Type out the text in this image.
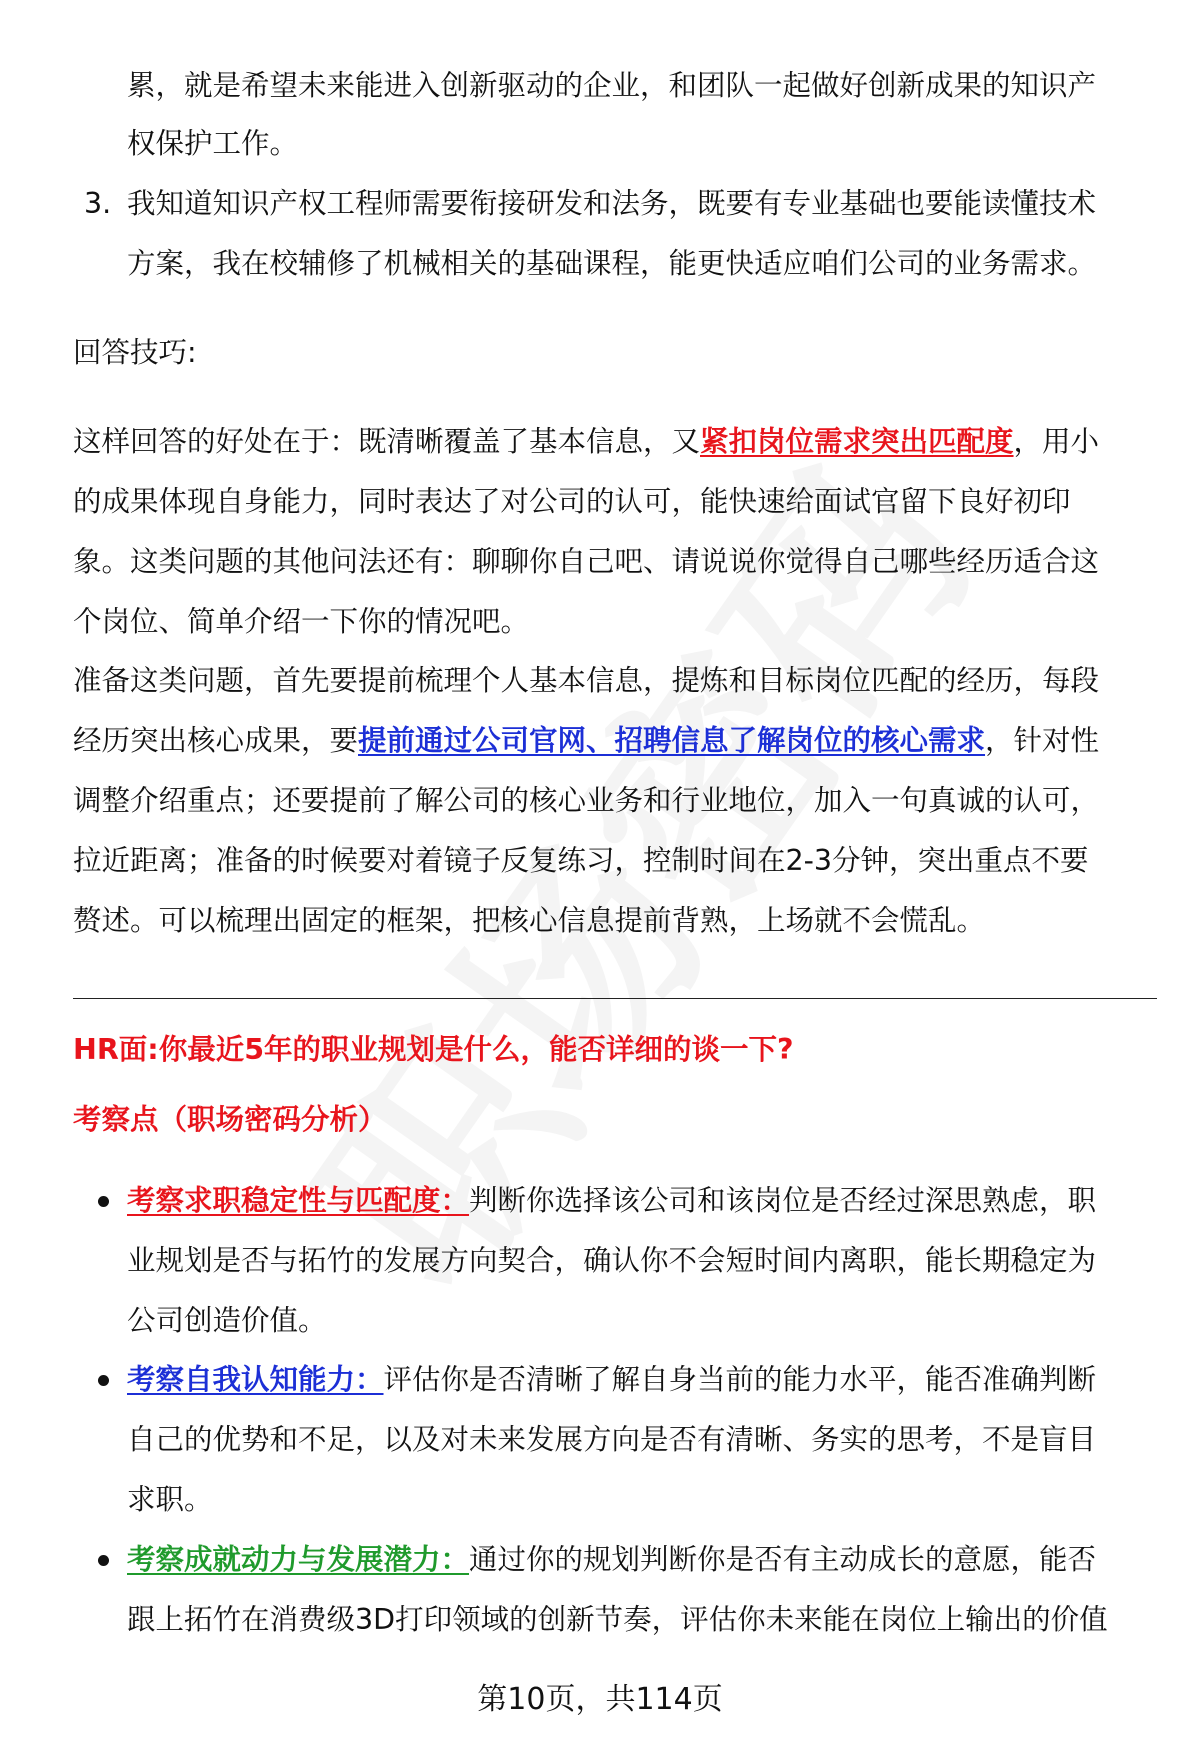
累，就是希望未来能进入创新驱动的企业，和团队一起做好创新成果的知识产
权保护工作。
3. 我知道知识产权工程师需要衔接研发和法务，既要有专业基础也要能读懂技术
方案，我在校辅修了机械相关的基础课程，能更快适应咱们公司的业务需求。
回答技巧:
这样回答的好处在于：既清晰覆盖了基本信息，又紧扣岗位需求突出匹配度，用小
的成果体现自身能力，同时表达了对公司的认可，能快速给面试官留下良好初印
象。这类问题的其他问法还有：聊聊你自己吧、请说说你觉得自己哪些经历适合这
个岗位、简单介绍一下你的情况吧。
准备这类问题，首先要提前梳理个人基本信息，提炼和目标岗位匹配的经历，每段
经历突出核心成果，要提前通过公司官网、招聘信息了解岗位的核心需求，针对性
调整介绍重点；还要提前了解公司的核心业务和行业地位，加入一句真诚的认可，
拉近距离；准备的时候要对着镜子反复练习，控制时间在2-3分钟，突出重点不要
赘述。可以梳理出固定的框架，把核心信息提前背熟，上场就不会慌乱。
HR面:你最近5年的职业规划是什么，能否详细的谈一下?
考察点（职场密码分析）
考察求职稳定性与匹配度：判断你选择该公司和该岗位是否经过深思熟虑，职
业规划是否与拓竹的发展方向契合，确认你不会短时间内离职，能长期稳定为
公司创造价值。
考察自我认知能力：评估你是否清晰了解自身当前的能力水平，能否准确判断
自己的优势和不足，以及对未来发展方向是否有清晰、务实的思考，不是盲目
求职。
考察成就动力与发展潜力：通过你的规划判断你是否有主动成长的意愿，能否
跟上拓竹在消费级3D打印领域的创新节奏，评估你未来能在岗位上输出的价值
第10页，共114页
